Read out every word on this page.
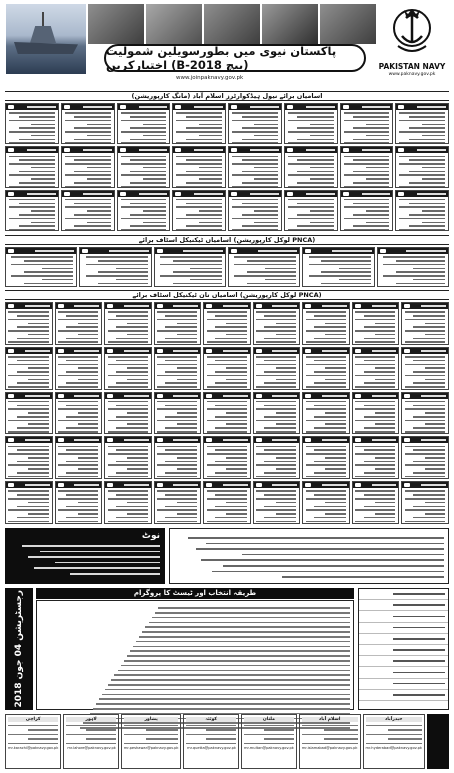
پاکستان نیوی میں بطورسویلین شمولیت اختیارکریں (B-2018 بیچ)
www.joinpaknavy.gov.pk
PAKISTAN NAVY
www.paknavy.gov.pk
اسامیاں برائے نیول ہیڈکوارٹرز اسلام آباد (مانگ کارپوریشن)
اسامیاں ٹیکنیکل اسٹاف برائے (لوکل کارپوریشن PNCA)
اسامیاں نان ٹیکنیکل اسٹاف برائے (لوکل کارپوریشن PNCA)
نوٹ
رجسٹریشن 04 جون 2018	طریقہ انتخاب اور ٹیسٹ کا پروگرام
کراچی
mr.karachi@paknavy.gov.pk
لاہور
mr.lahore@paknavy.gov.pk
پشاور
mr.peshawar@paknavy.gov.pk
کوئٹہ
mr.quetta@paknavy.gov.pk
ملتان
mr.multan@paknavy.gov.pk
اسلام آباد
mr.islamabad@paknavy.gov.pk
حیدرآباد
mr.hyderabad@paknavy.gov.pk
